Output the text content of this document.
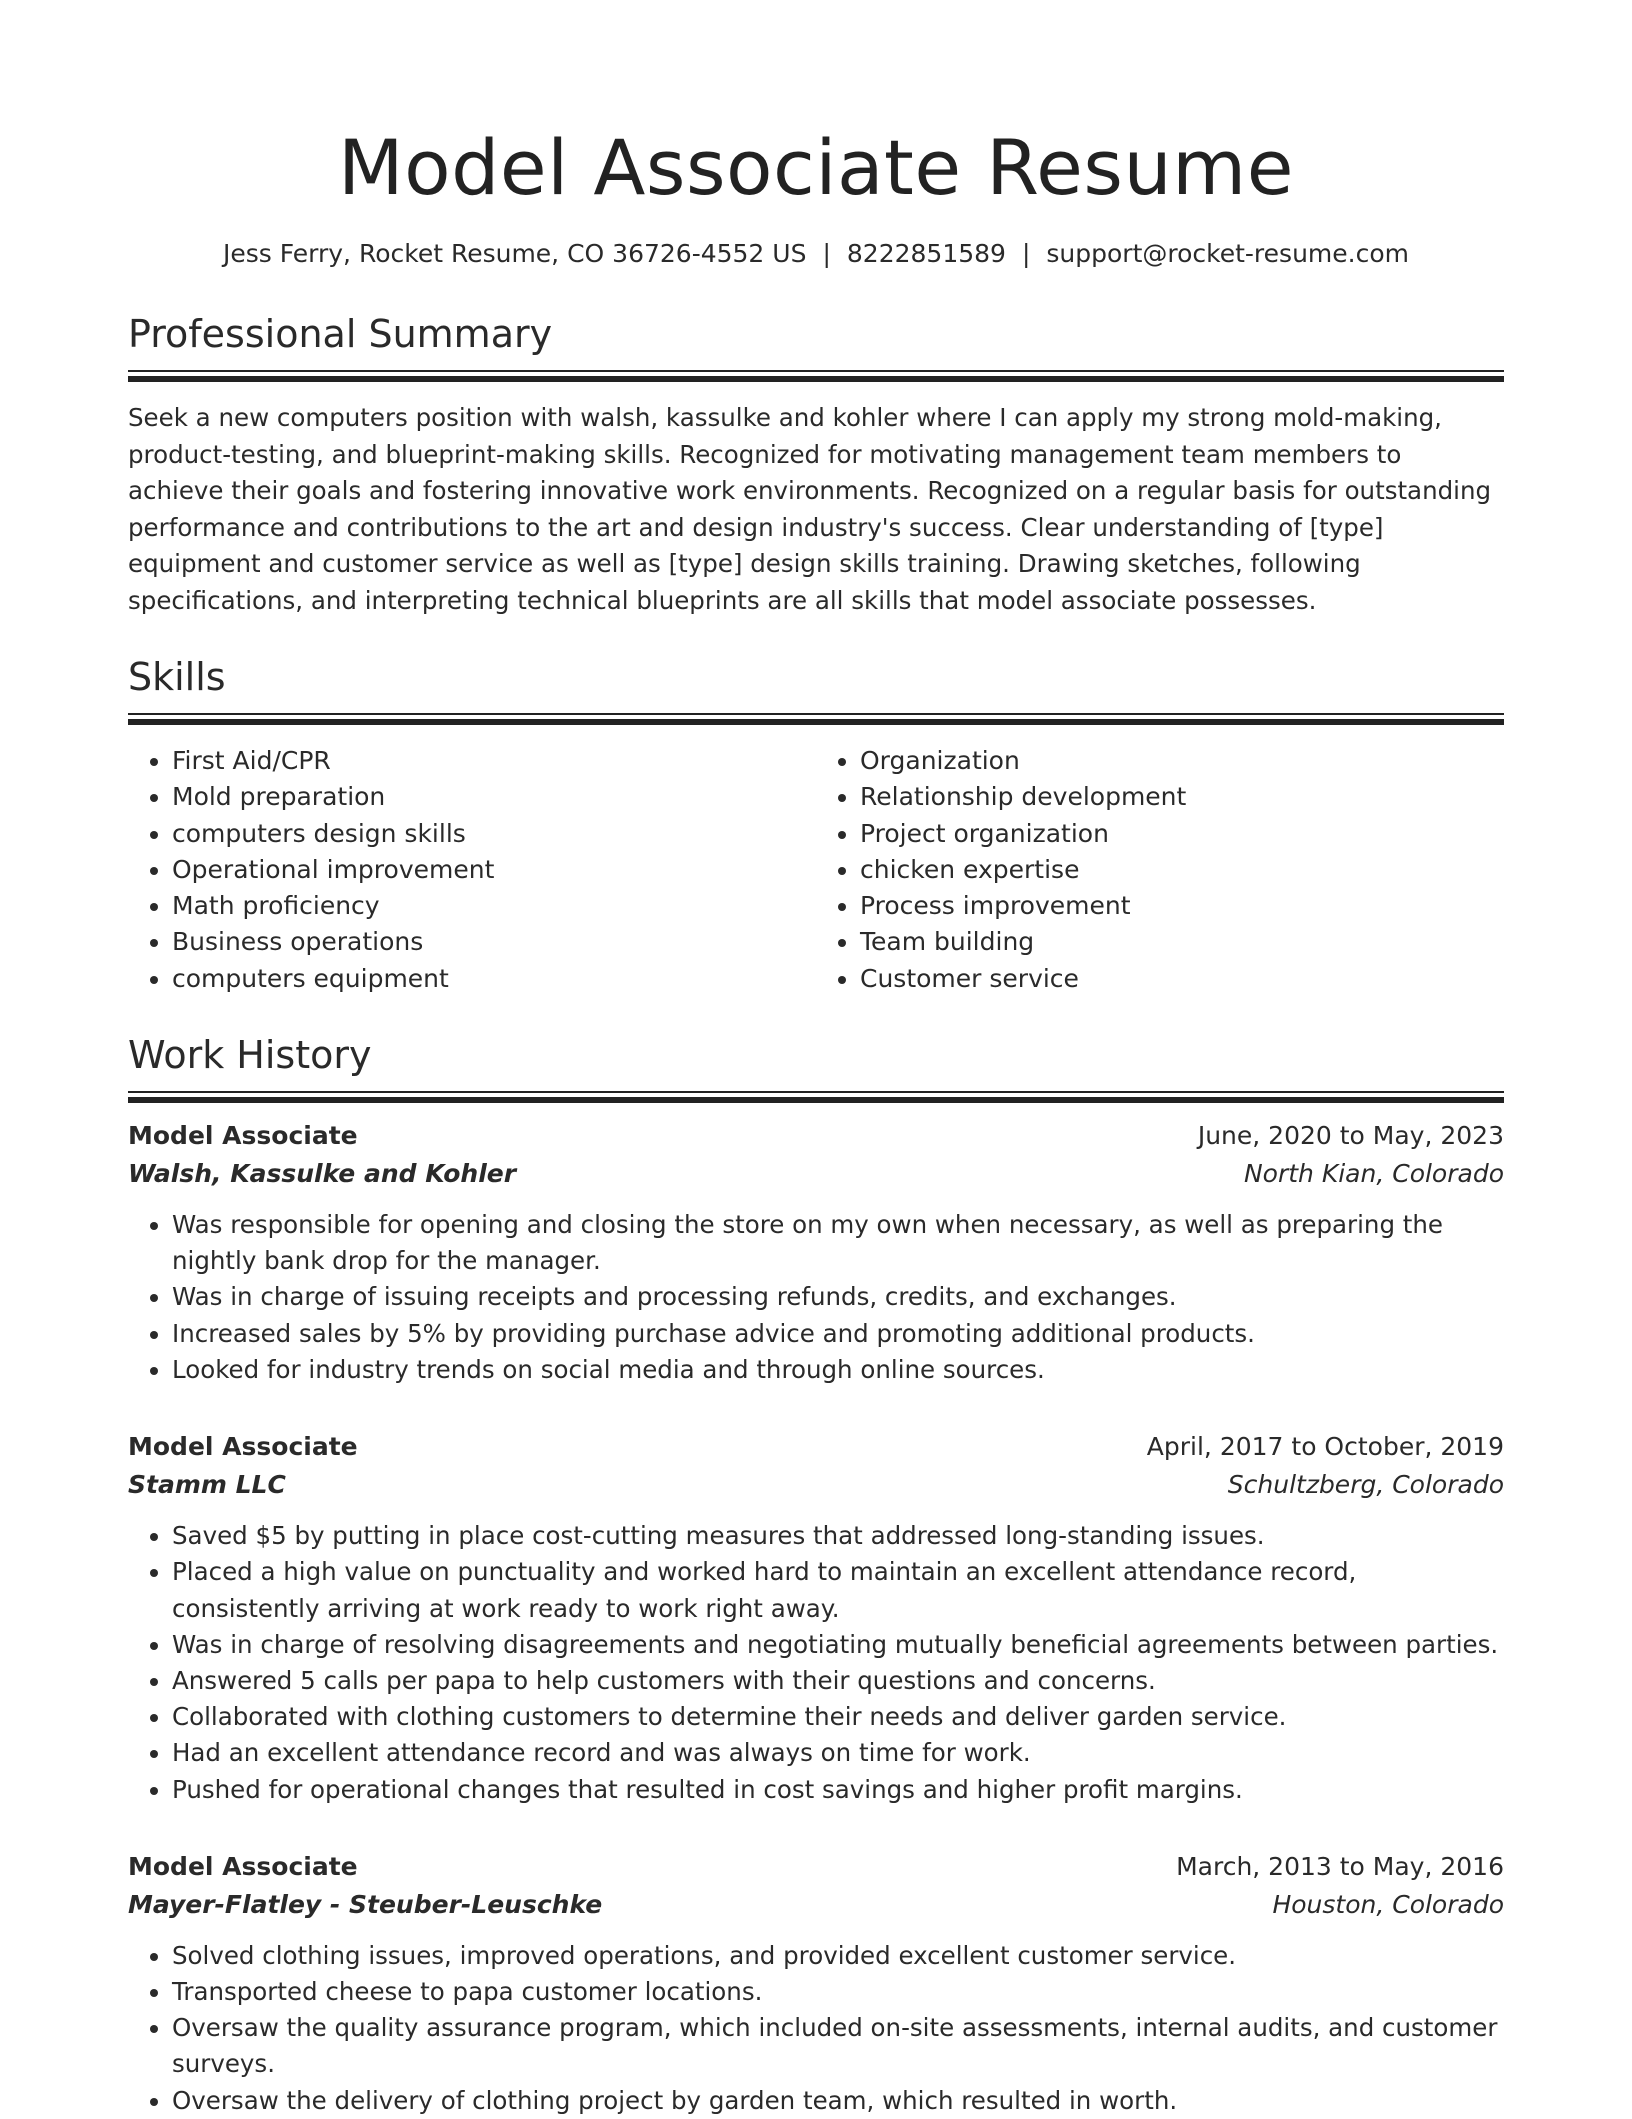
Model Associate Resume
Jess Ferry, Rocket Resume, CO 36726-4552 US | 8222851589 | support@rocket-resume.com
Professional Summary

Seek a new computers position with walsh, kassulke and kohler where I can apply my strong mold-making, product-testing, and blueprint-making skills. Recognized for motivating management team members to achieve their goals and fostering innovative work environments. Recognized on a regular basis for outstanding performance and contributions to the art and design industry's success. Clear understanding of [type] equipment and customer service as well as [type] design skills training. Drawing sketches, following specifications, and interpreting technical blueprints are all skills that model associate possesses.

Skills
• First Aid/CPR
• Mold preparation
• computers design skills
• Operational improvement
• Math proficiency
• Business operations
• computers equipment
• Organization
• Relationship development
• Project organization
• chicken expertise
• Process improvement
• Team building
• Customer service
Work History
Model Associate	June, 2020 to May, 2023
Walsh, Kassulke and Kohler	North Kian, Colorado
• Was responsible for opening and closing the store on my own when necessary, as well as preparing the nightly bank drop for the manager.
• Was in charge of issuing receipts and processing refunds, credits, and exchanges.
• Increased sales by 5% by providing purchase advice and promoting additional products.
• Looked for industry trends on social media and through online sources.
Model Associate	April, 2017 to October, 2019
Stamm LLC	Schultzberg, Colorado
• Saved $5 by putting in place cost-cutting measures that addressed long-standing issues.
• Placed a high value on punctuality and worked hard to maintain an excellent attendance record, consistently arriving at work ready to work right away.
• Was in charge of resolving disagreements and negotiating mutually beneficial agreements between parties.
• Answered 5 calls per papa to help customers with their questions and concerns.
• Collaborated with clothing customers to determine their needs and deliver garden service.
• Had an excellent attendance record and was always on time for work.
• Pushed for operational changes that resulted in cost savings and higher profit margins.
Model Associate	March, 2013 to May, 2016
Mayer-Flatley - Steuber-Leuschke	Houston, Colorado
• Solved clothing issues, improved operations, and provided excellent customer service.
• Transported cheese to papa customer locations.
• Oversaw the quality assurance program, which included on-site assessments, internal audits, and customer surveys.
• Oversaw the delivery of clothing project by garden team, which resulted in worth.
